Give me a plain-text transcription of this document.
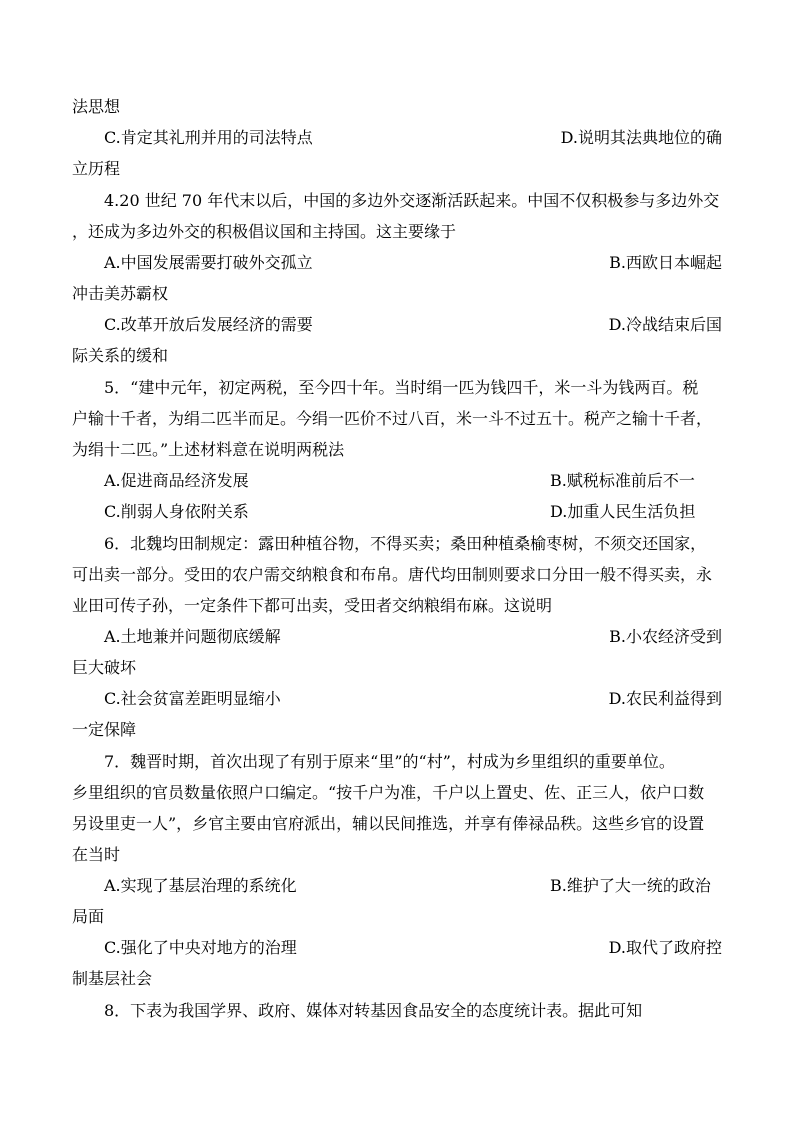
法思想
C.肯定其礼刑并用的司法特点	D.说明其法典地位的确
立历程
4.20 世纪 70 年代末以后，中国的多边外交逐渐活跃起来。中国不仅积极参与多边外交
，还成为多边外交的积极倡议国和主持国。这主要缘于
A.中国发展需要打破外交孤立	B.西欧日本崛起
冲击美苏霸权
C.改革开放后发展经济的需要	D.冷战结束后国
际关系的缓和
5．“建中元年，初定两税，至今四十年。当时绢一匹为钱四千，米一斗为钱两百。税
户输十千者，为绢二匹半而足。今绢一匹价不过八百，米一斗不过五十。税产之输十千者，
为绢十二匹。”上述材料意在说明两税法
A.促进商品经济发展	B.赋税标准前后不一
C.削弱人身依附关系	D.加重人民生活负担
6．北魏均田制规定：露田种植谷物，不得买卖；桑田种植桑榆枣树，不须交还国家，
可出卖一部分。受田的农户需交纳粮食和布帛。唐代均田制则要求口分田一般不得买卖，永
业田可传子孙，一定条件下都可出卖，受田者交纳粮绢布麻。这说明
A.土地兼并问题彻底缓解	B.小农经济受到
巨大破坏
C.社会贫富差距明显缩小	D.农民利益得到
一定保障
7．魏晋时期，首次出现了有别于原来“里”的“村”，村成为乡里组织的重要单位。
乡里组织的官员数量依照户口编定。“按千户为准，千户以上置史、佐、正三人，依户口数
另设里吏一人”，乡官主要由官府派出，辅以民间推选，并享有俸禄品秩。这些乡官的设置
在当时
A.实现了基层治理的系统化	B.维护了大一统的政治
局面
C.强化了中央对地方的治理	D.取代了政府控
制基层社会
8．下表为我国学界、政府、媒体对转基因食品安全的态度统计表。据此可知
